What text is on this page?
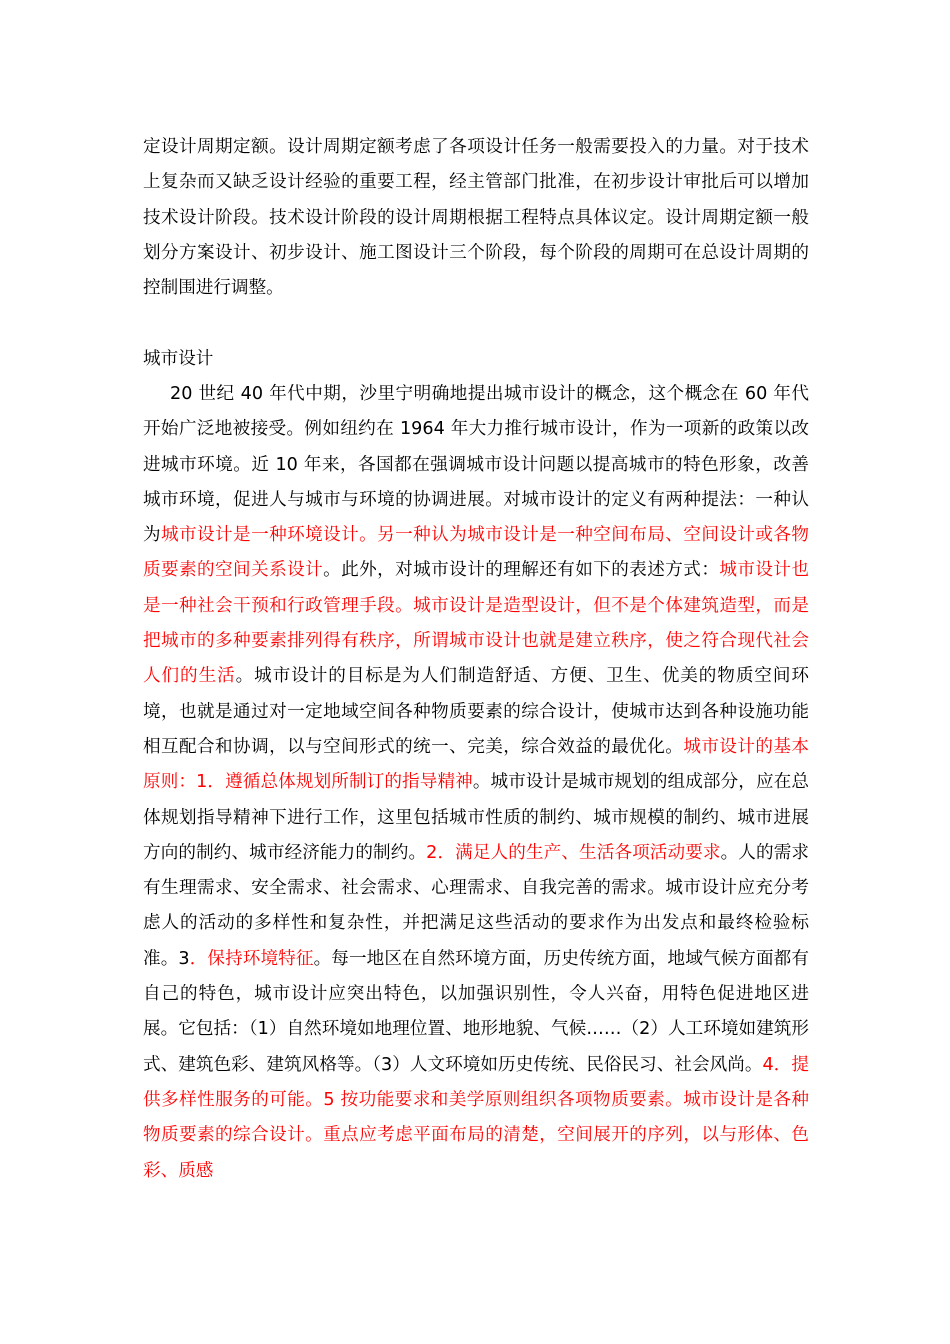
定设计周期定额。设计周期定额考虑了各项设计任务一般需要投入的力量。对于技术上复杂而又缺乏设计经验的重要工程，经主管部门批准，在初步设计审批后可以增加技术设计阶段。技术设计阶段的设计周期根据工程特点具体议定。设计周期定额一般划分方案设计、初步设计、施工图设计三个阶段，每个阶段的周期可在总设计周期的控制围进行调整。

城市设计

20 世纪 40 年代中期，沙里宁明确地提出城市设计的概念，这个概念在 60 年代开始广泛地被接受。例如纽约在 1964 年大力推行城市设计，作为一项新的政策以改进城市环境。近 10 年来，各国都在强调城市设计问题以提高城市的特色形象，改善城市环境，促进人与城市与环境的协调进展。对城市设计的定义有两种提法：一种认为城市设计是一种环境设计。另一种认为城市设计是一种空间布局、空间设计或各物质要素的空间关系设计。此外，对城市设计的理解还有如下的表述方式：城市设计也是一种社会干预和行政管理手段。城市设计是造型设计，但不是个体建筑造型，而是把城市的多种要素排列得有秩序，所谓城市设计也就是建立秩序，使之符合现代社会人们的生活。城市设计的目标是为人们制造舒适、方便、卫生、优美的物质空间环境，也就是通过对一定地域空间各种物质要素的综合设计，使城市达到各种设施功能相互配合和协调，以与空间形式的统一、完美，综合效益的最优化。城市设计的基本原则：1．遵循总体规划所制订的指导精神。城市设计是城市规划的组成部分，应在总体规划指导精神下进行工作，这里包括城市性质的制约、城市规模的制约、城市进展方向的制约、城市经济能力的制约。2．满足人的生产、生活各项活动要求。人的需求有生理需求、安全需求、社会需求、心理需求、自我完善的需求。城市设计应充分考虑人的活动的多样性和复杂性，并把满足这些活动的要求作为出发点和最终检验标准。3．保持环境特征。每一地区在自然环境方面，历史传统方面，地域气候方面都有自己的特色，城市设计应突出特色，以加强识别性，令人兴奋，用特色促进地区进展。它包括：（1）自然环境如地理位置、地形地貌、气候……（2）人工环境如建筑形式、建筑色彩、建筑风格等。（3）人文环境如历史传统、民俗民习、社会风尚。4．提供多样性服务的可能。5 按功能要求和美学原则组织各项物质要素。城市设计是各种物质要素的综合设计。重点应考虑平面布局的清楚，空间展开的序列，以与形体、色彩、质感
